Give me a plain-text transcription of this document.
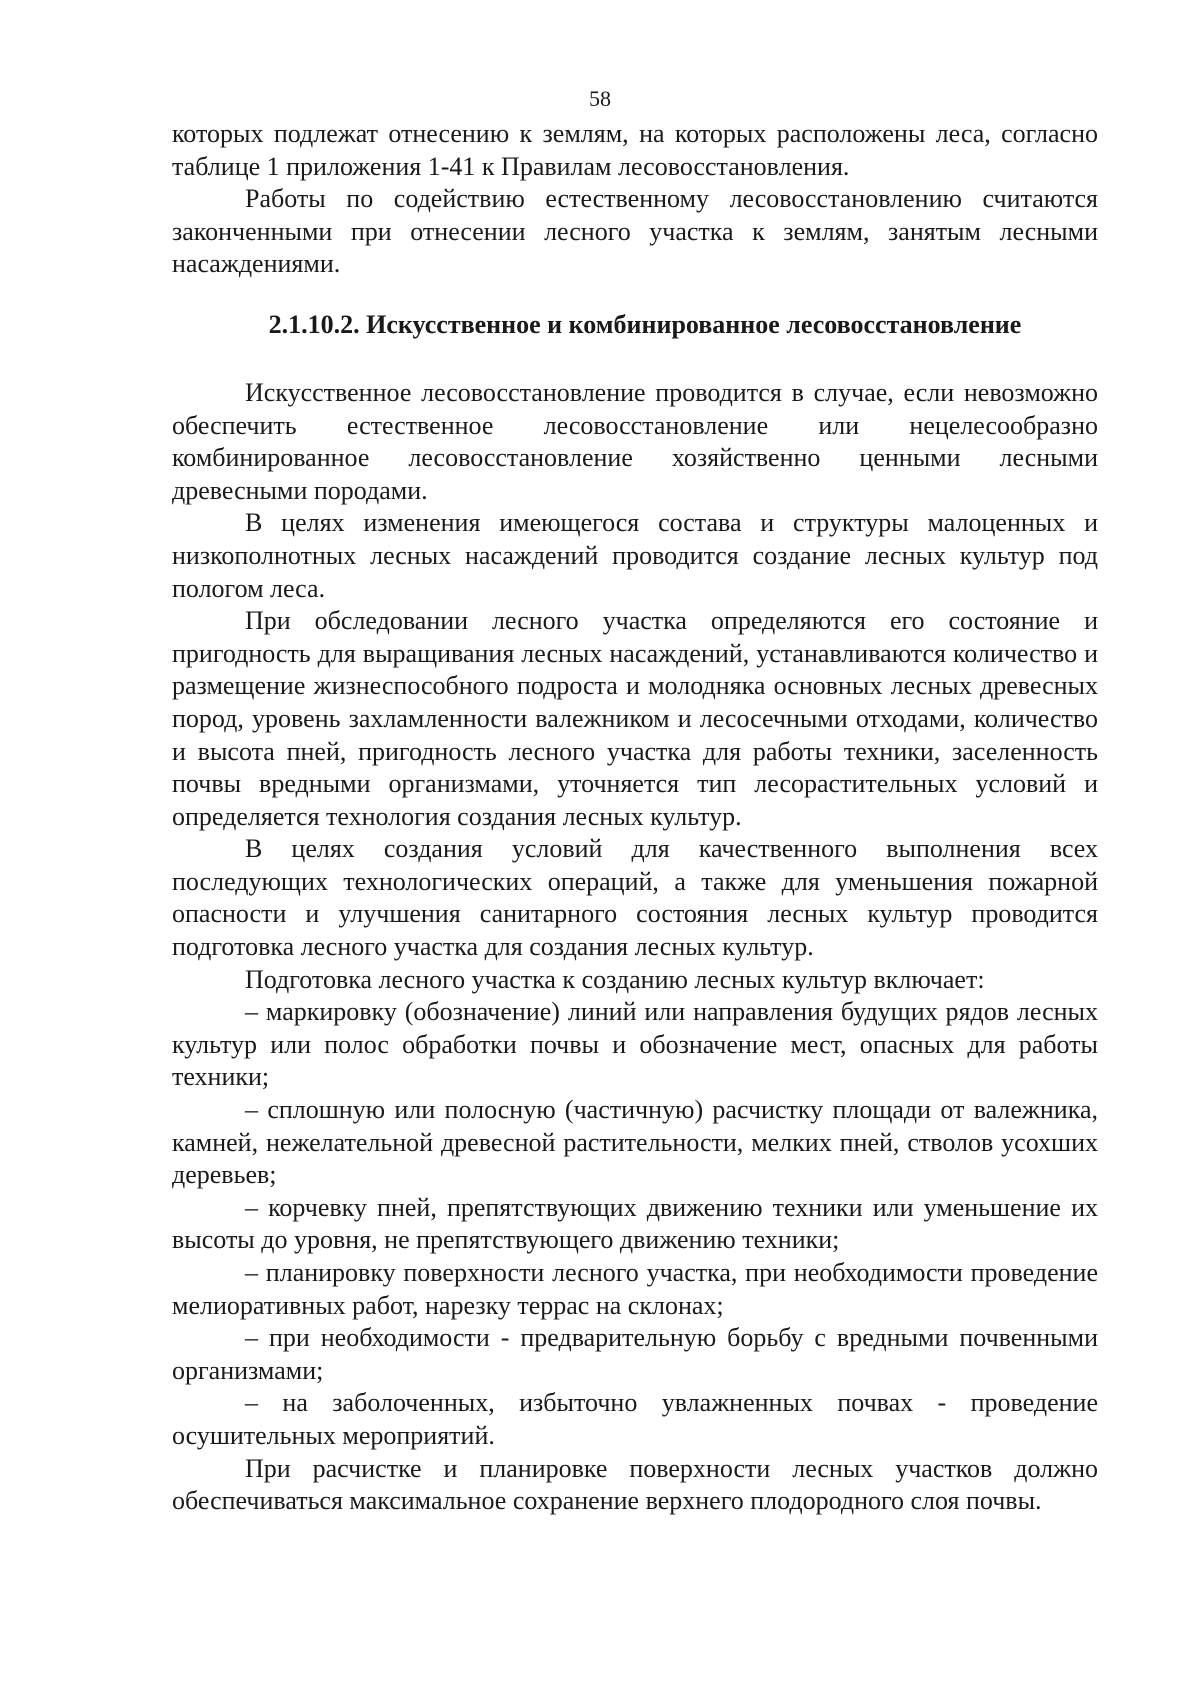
58

которых подлежат отнесению к землям, на которых расположены леса, согласно таблице 1 приложения 1-41 к Правилам лесовосстановления.

Работы по содействию естественному лесовосстановлению считаются законченными при отнесении лесного участка к землям, занятым лесными насаждениями.

2.1.10.2. Искусственное и комбинированное лесовосстановление

Искусственное лесовосстановление проводится в случае, если невозможно обеспечить естественное лесовосстановление или нецелесообразно комбинированное лесовосстановление хозяйственно ценными лесными древесными породами.

В целях изменения имеющегося состава и структуры малоценных и низкополнотных лесных насаждений проводится создание лесных культур под пологом леса.

При обследовании лесного участка определяются его состояние и пригодность для выращивания лесных насаждений, устанавливаются количество и размещение жизнеспособного подроста и молодняка основных лесных древесных пород, уровень захламленности валежником и лесосечными отходами, количество и высота пней, пригодность лесного участка для работы техники, заселенность почвы вредными организмами, уточняется тип лесорастительных условий и определяется технология создания лесных культур.

В целях создания условий для качественного выполнения всех последующих технологических операций, а также для уменьшения пожарной опасности и улучшения санитарного состояния лесных культур проводится подготовка лесного участка для создания лесных культур.

Подготовка лесного участка к созданию лесных культур включает:

– маркировку (обозначение) линий или направления будущих рядов лесных культур или полос обработки почвы и обозначение мест, опасных для работы техники;

– сплошную или полосную (частичную) расчистку площади от валежника, камней, нежелательной древесной растительности, мелких пней, стволов усохших деревьев;

– корчевку пней, препятствующих движению техники или уменьшение их высоты до уровня, не препятствующего движению техники;

– планировку поверхности лесного участка, при необходимости проведение мелиоративных работ, нарезку террас на склонах;

– при необходимости - предварительную борьбу с вредными почвенными организмами;

– на заболоченных, избыточно увлажненных почвах - проведение осушительных мероприятий.

При расчистке и планировке поверхности лесных участков должно обеспечиваться максимальное сохранение верхнего плодородного слоя почвы.
